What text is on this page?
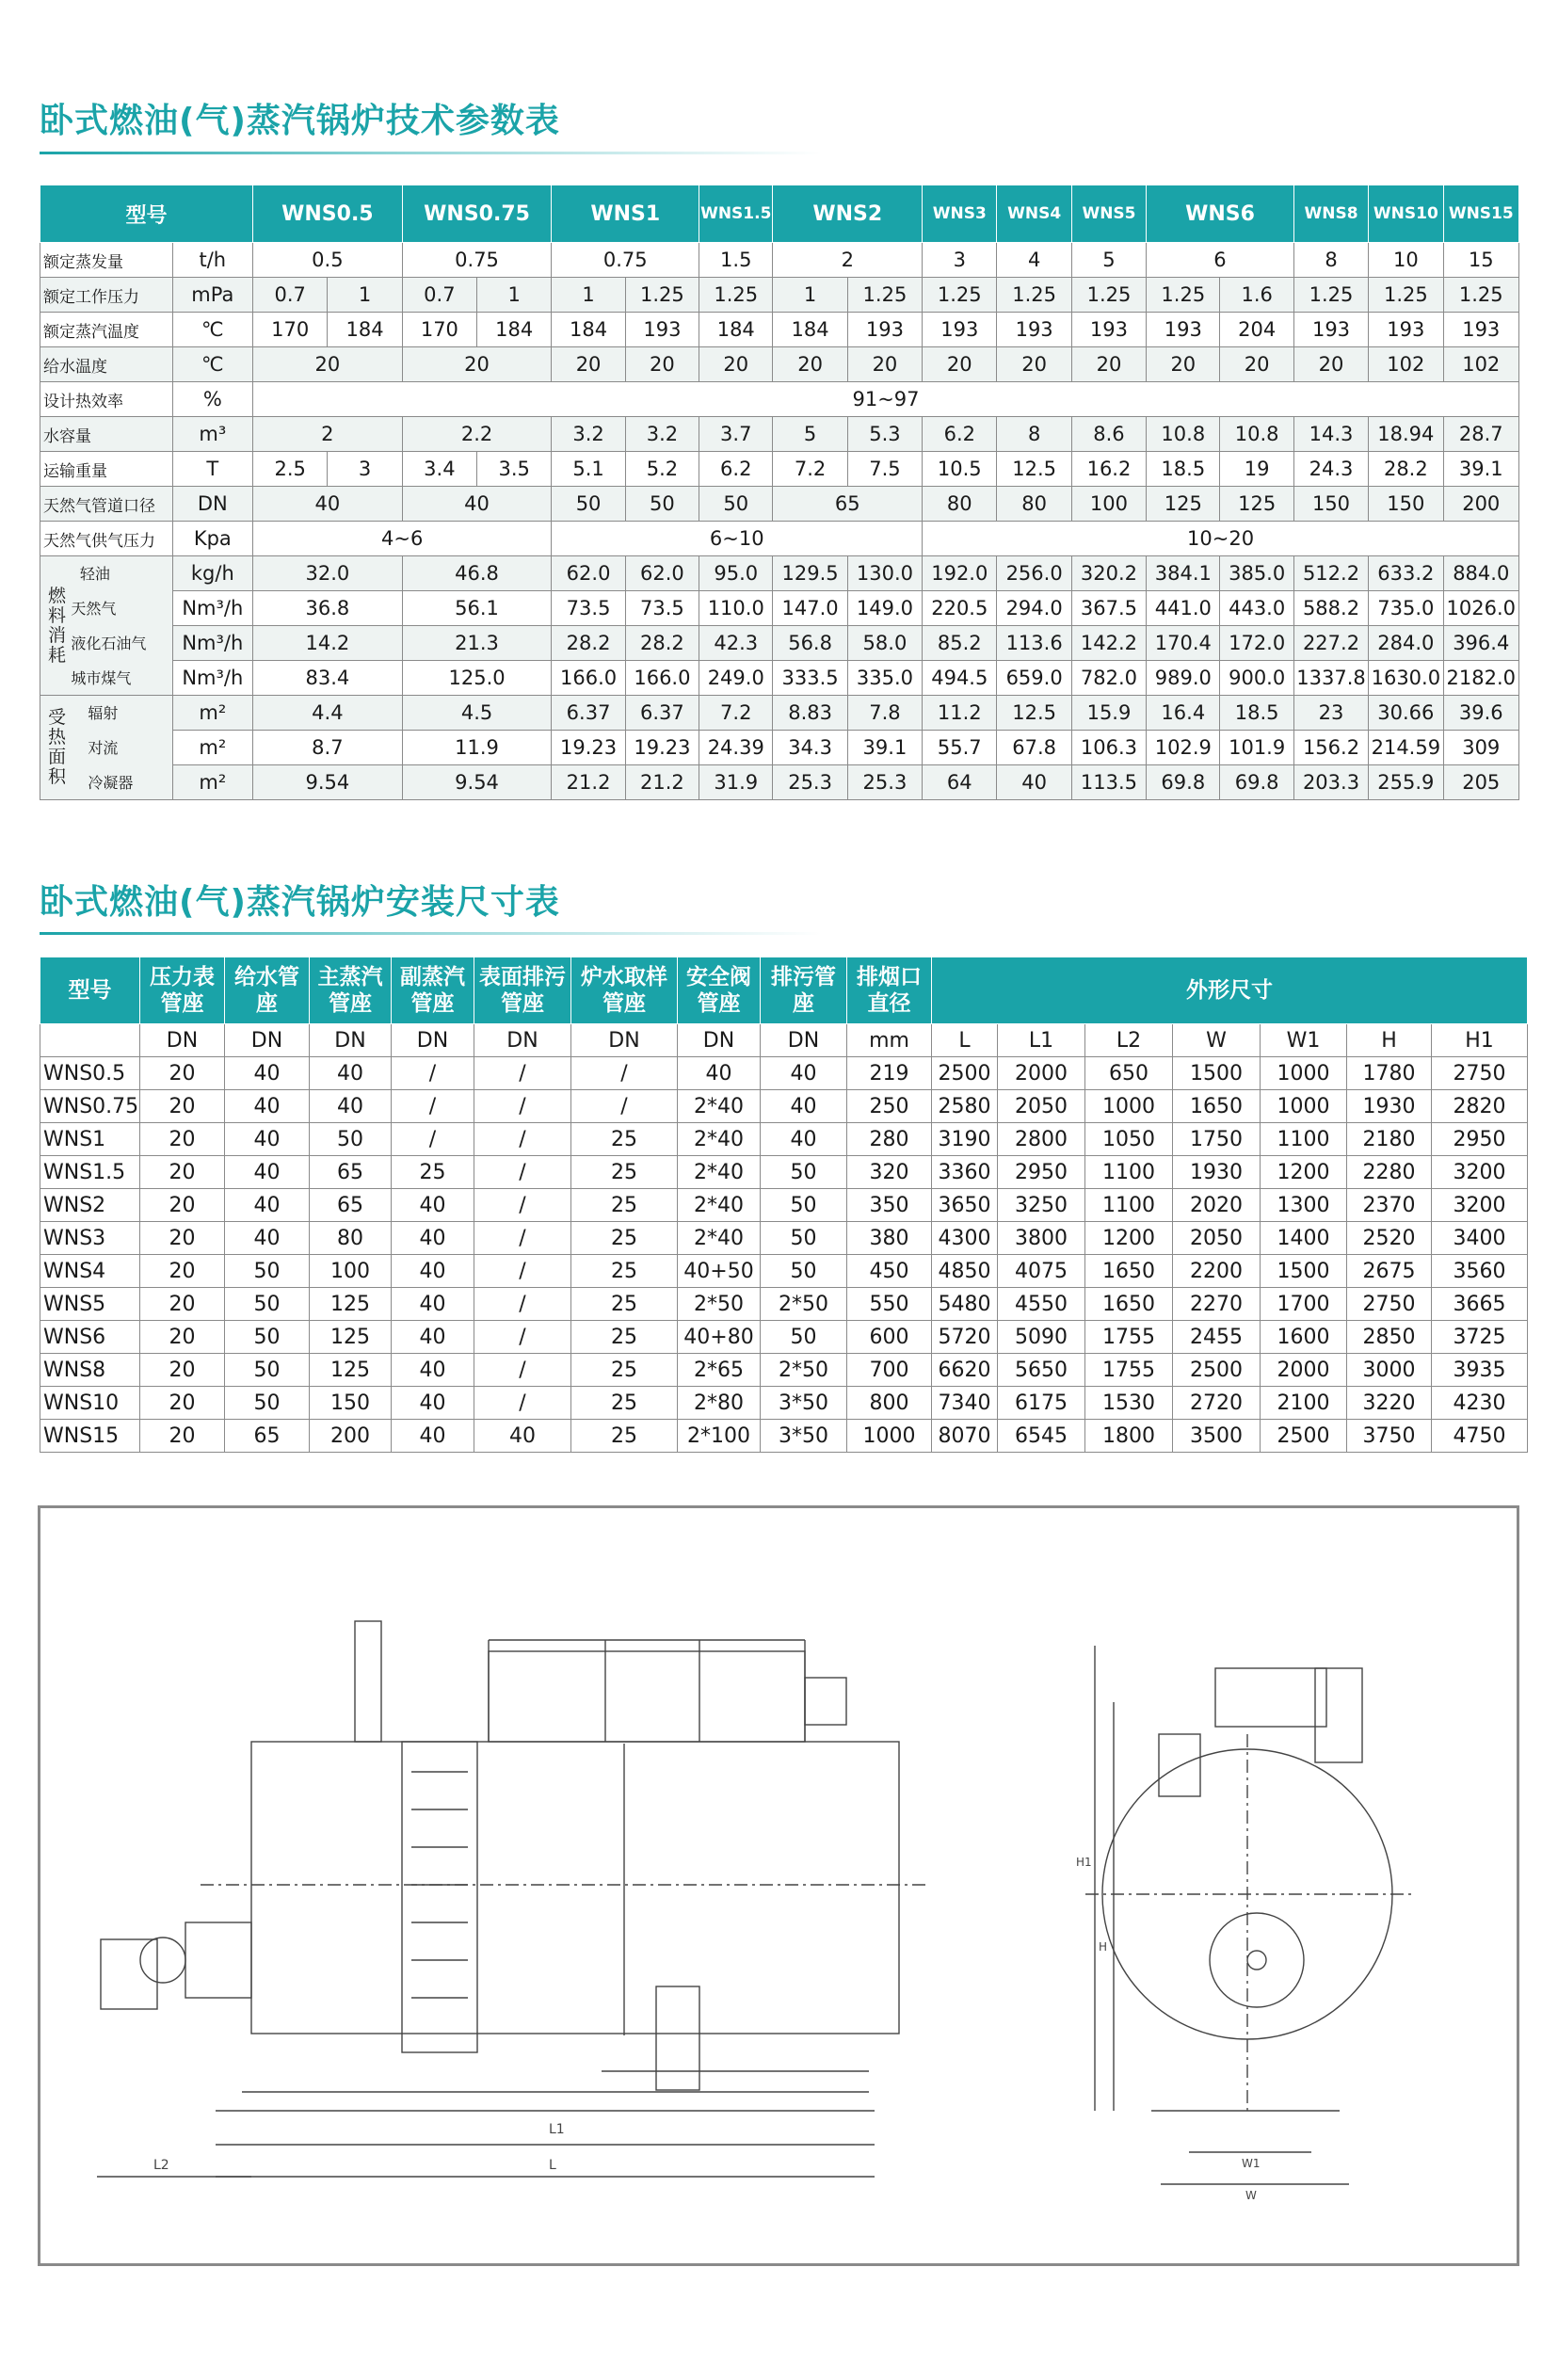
卧式燃油(气)蒸汽锅炉技术参数表
型号		WNS0.5		WNS0.75		WNS1		WNS1.5	WNS2		WNS3	WNS4	WNS5	WNS6		WNS8	WNS10	WNS15
额定蒸发量	t/h	0.5		0.75		0.75		1.5	2		3	4	5	6		8	10	15
额定工作压力	mPa	0.7	1	0.7	1	1	1.25	1.25	1	1.25	1.25	1.25	1.25	1.25	1.6	1.25	1.25	1.25
额定蒸汽温度	℃	170	184	170	184	184	193	184	184	193	193	193	193	193	204	193	193	193
给水温度	℃	20		20		20	20	20	20	20	20	20	20	20	20	20	102	102
设计热效率	%	91~97																
水容量	m³	2		2.2		3.2	3.2	3.7	5	5.3	6.2	8	8.6	10.8	10.8	14.3	18.94	28.7
运输重量	T	2.5	3	3.4	3.5	5.1	5.2	6.2	7.2	7.5	10.5	12.5	16.2	18.5	19	24.3	28.2	39.1
天然气管道口径	DN	40		40		50	50	50	65		80	80	100	125	125	150	150	200
天然气供气压力	Kpa	4~6				6~10					10~20							
燃料消耗	轻油 kg/h	32.0		46.8		62.0	62.0	95.0	129.5	130.0	192.0	256.0	320.2	384.1	385.0	512.2	633.2	884.0

	天然气 Nm³/h	36.8		56.1		73.5	73.5	110.0	147.0	149.0	220.5	294.0	367.5	441.0	443.0	588.2	735.0	1026.0

	液化石油气 Nm³/h	14.2		21.3		28.2	28.2	42.3	56.8	58.0	85.2	113.6	142.2	170.4	172.0	227.2	284.0	396.4

	城市煤气 Nm³/h	83.4		125.0		166.0	166.0	249.0	333.5	335.0	494.5	659.0	782.0	989.0	900.0	1337.8	1630.0	2182.0
受热面积	辐射 m²	4.4		4.5		6.37	6.37	7.2	8.83	7.8	11.2	12.5	15.9	16.4	18.5	23	30.66	39.6

	对流 m²	8.7		11.9		19.23	19.23	24.39	34.3	39.1	55.7	67.8	106.3	102.9	101.9	156.2	214.59	309

	冷凝器 m²	9.54		9.54		21.2	21.2	31.9	25.3	25.3	64	40	113.5	69.8	69.8	203.3	255.9	205
卧式燃油(气)蒸汽锅炉安装尺寸表
型号	压力表管座	给水管座	主蒸汽管座	副蒸汽管座	表面排污管座	炉水取样管座	安全阀管座	排污管座	排烟口直径	外形尺寸						
	DN	DN	DN	DN	DN	DN	DN	DN	mm	L	L1	L2	W	W1	H	H1
WNS0.5	20	40	40	/	/	/	40	40	219	2500	2000	650	1500	1000	1780	2750
WNS0.75	20	40	40	/	/	/	2*40	40	250	2580	2050	1000	1650	1000	1930	2820
WNS1	20	40	50	/	/	25	2*40	40	280	3190	2800	1050	1750	1100	2180	2950
WNS1.5	20	40	65	25	/	25	2*40	50	320	3360	2950	1100	1930	1200	2280	3200
WNS2	20	40	65	40	/	25	2*40	50	350	3650	3250	1100	2020	1300	2370	3200
WNS3	20	40	80	40	/	25	2*40	50	380	4300	3800	1200	2050	1400	2520	3400
WNS4	20	50	100	40	/	25	40+50	50	450	4850	4075	1650	2200	1500	2675	3560
WNS5	20	50	125	40	/	25	2*50	2*50	550	5480	4550	1650	2270	1700	2750	3665
WNS6	20	50	125	40	/	25	40+80	50	600	5720	5090	1755	2455	1600	2850	3725
WNS8	20	50	125	40	/	25	2*65	2*50	700	6620	5650	1755	2500	2000	3000	3935
WNS10	20	50	150	40	/	25	2*80	3*50	800	7340	6175	1530	2720	2100	3220	4230
WNS15	20	65	200	40	40	25	2*100	3*50	1000	8070	6545	1800	3500	2500	3750	4750
L1
L
L2	W1
W
H
H1
